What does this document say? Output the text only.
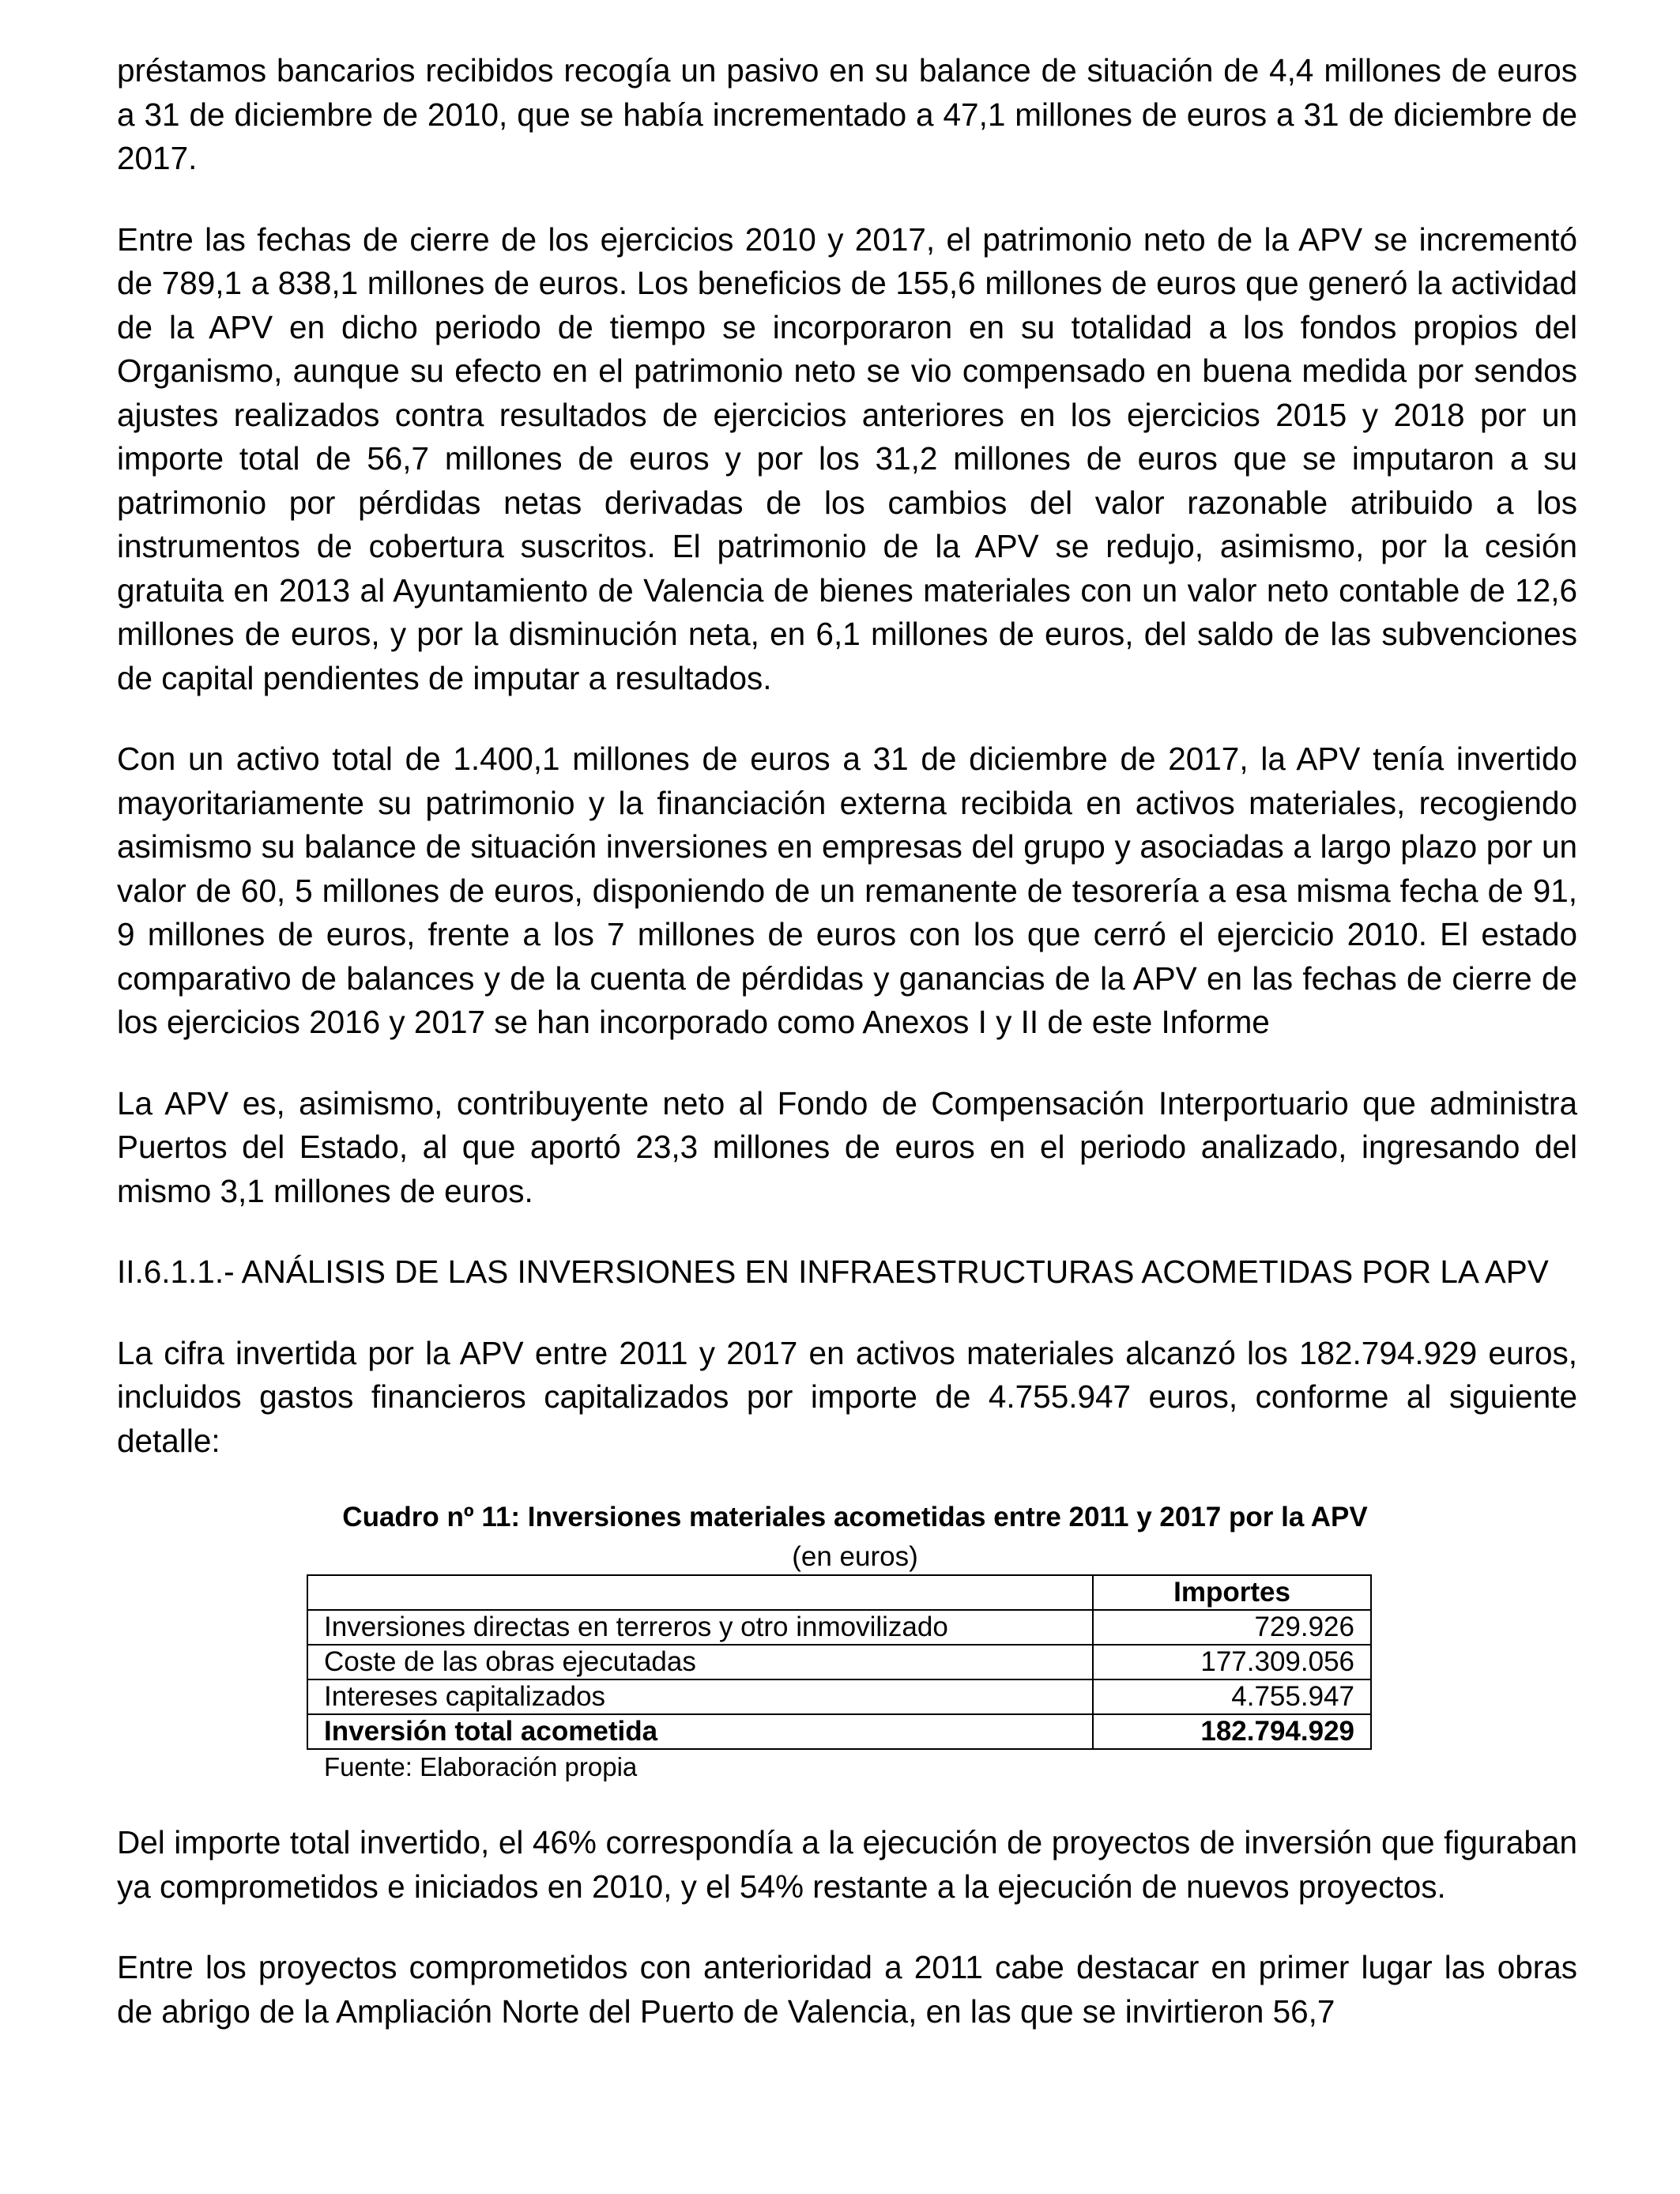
préstamos bancarios recibidos recogía un pasivo en su balance de situación de 4,4 millones de euros a 31 de diciembre de 2010, que se había incrementado a 47,1 millones de euros a 31 de diciembre de 2017.

Entre las fechas de cierre de los ejercicios 2010 y 2017, el patrimonio neto de la APV se incrementó de 789,1 a 838,1 millones de euros. Los beneficios de 155,6 millones de euros que generó la actividad de la APV en dicho periodo de tiempo se incorporaron en su totalidad a los fondos propios del Organismo, aunque su efecto en el patrimonio neto se vio compensado en buena medida por sendos ajustes realizados contra resultados de ejercicios anteriores en los ejercicios 2015 y 2018 por un importe total de 56,7 millones de euros y por los 31,2 millones de euros que se imputaron a su patrimonio por pérdidas netas derivadas de los cambios del valor razonable atribuido a los instrumentos de cobertura suscritos. El patrimonio de la APV se redujo, asimismo, por la cesión gratuita en 2013 al Ayuntamiento de Valencia de bienes materiales con un valor neto contable de 12,6 millones de euros, y por la disminución neta, en 6,1 millones de euros, del saldo de las subvenciones de capital pendientes de imputar a resultados.

Con un activo total de 1.400,1 millones de euros a 31 de diciembre de 2017, la APV tenía invertido mayoritariamente su patrimonio y la financiación externa recibida en activos materiales, recogiendo asimismo su balance de situación inversiones en empresas del grupo y asociadas a largo plazo por un valor de 60, 5 millones de euros, disponiendo de un remanente de tesorería a esa misma fecha de 91, 9 millones de euros, frente a los 7 millones de euros con los que cerró el ejercicio 2010. El estado comparativo de balances y de la cuenta de pérdidas y ganancias de la APV en las fechas de cierre de los ejercicios 2016 y 2017 se han incorporado como Anexos I y II de este Informe

La APV es, asimismo, contribuyente neto al Fondo de Compensación Interportuario que administra Puertos del Estado, al que aportó 23,3 millones de euros en el periodo analizado, ingresando del mismo 3,1 millones de euros.

II.6.1.1.- ANÁLISIS DE LAS INVERSIONES EN INFRAESTRUCTURAS ACOMETIDAS POR LA APV

La cifra invertida por la APV entre 2011 y 2017 en activos materiales alcanzó los 182.794.929 euros, incluidos gastos financieros capitalizados por importe de 4.755.947 euros, conforme al siguiente detalle:

Cuadro nº 11: Inversiones materiales acometidas entre 2011 y 2017 por la APV

(en euros)

	Importes
Inversiones directas en terreros y otro inmovilizado	729.926
Coste de las obras ejecutadas	177.309.056
Intereses capitalizados	4.755.947
Inversión total acometida	182.794.929

Fuente: Elaboración propia

Del importe total invertido, el 46% correspondía a la ejecución de proyectos de inversión que figuraban ya comprometidos e iniciados en 2010, y el 54% restante a la ejecución de nuevos proyectos.

Entre los proyectos comprometidos con anterioridad a 2011 cabe destacar en primer lugar las obras de abrigo de la Ampliación Norte del Puerto de Valencia, en las que se invirtieron 56,7
